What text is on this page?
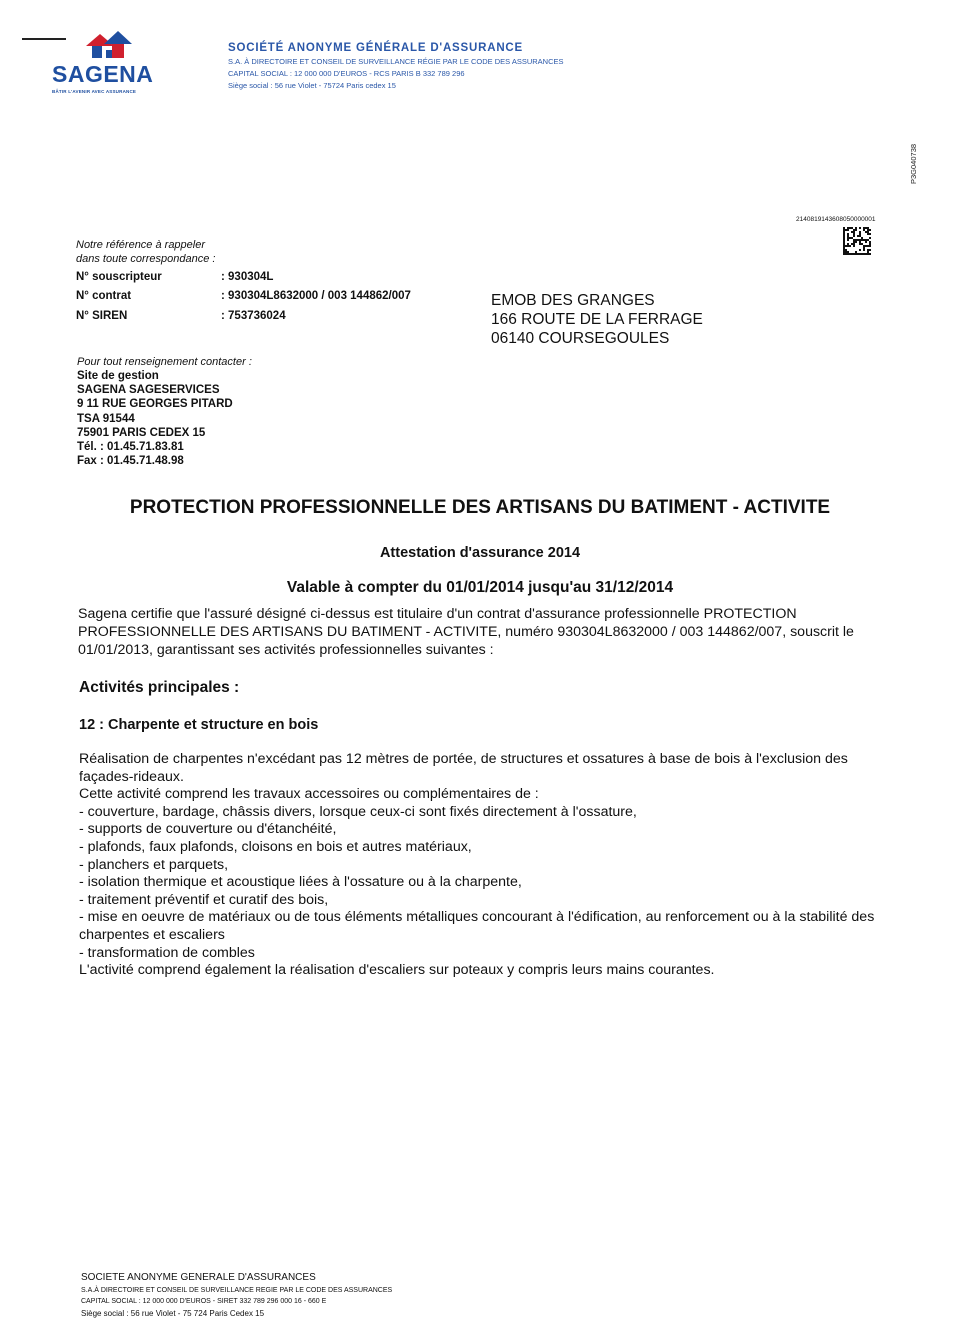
SAGENA
BÂTIR L'AVENIR AVEC ASSURANCE
SOCIÉTÉ ANONYME GÉNÉRALE D'ASSURANCE
S.A. À DIRECTOIRE ET CONSEIL DE SURVEILLANCE RÉGIE PAR LE CODE DES ASSURANCES
CAPITAL SOCIAL : 12 000 000 D'EUROS - RCS PARIS B 332 789 296
Siège social : 56 rue Violet - 75724 Paris cedex 15
P3G040738
2140819143608050000001
Notre référence à rappeler
dans toute correspondance :
N° souscripteur	: 930304L
N° contrat	: 930304L8632000 / 003 144862/007
N° SIREN	: 753736024
EMOB DES GRANGES
166 ROUTE DE LA FERRAGE
06140 COURSEGOULES
Pour tout renseignement contacter :
Site de gestion
SAGENA SAGESERVICES
9 11 RUE GEORGES PITARD
TSA 91544
75901 PARIS CEDEX 15
Tél. : 01.45.71.83.81
Fax : 01.45.71.48.98
PROTECTION PROFESSIONNELLE DES ARTISANS DU BATIMENT - ACTIVITE
Attestation d'assurance 2014
Valable à compter du 01/01/2014 jusqu'au 31/12/2014
Sagena certifie que l'assuré désigné ci-dessus est titulaire d'un contrat d'assurance professionnelle PROTECTION PROFESSIONNELLE DES ARTISANS DU BATIMENT - ACTIVITE, numéro 930304L8632000 / 003 144862/007, souscrit le 01/01/2013, garantissant ses activités professionnelles suivantes :
Activités principales :
12 : Charpente et structure en bois
Réalisation de charpentes n'excédant pas 12 mètres de portée, de structures et ossatures à base de bois à l'exclusion des façades-rideaux.
Cette activité comprend les travaux accessoires ou complémentaires de :
- couverture, bardage, châssis divers, lorsque ceux-ci sont fixés directement à l'ossature,
- supports de couverture ou d'étanchéité,
- plafonds, faux plafonds, cloisons en bois et autres matériaux,
- planchers et parquets,
- isolation thermique et acoustique liées à l'ossature ou à la charpente,
- traitement préventif et curatif des bois,
- mise en oeuvre de matériaux ou de tous éléments métalliques concourant à l'édification, au renforcement ou à la stabilité des charpentes et escaliers
- transformation de combles
L'activité comprend également la réalisation d'escaliers sur poteaux y compris leurs mains courantes.
SOCIETE ANONYME GENERALE D'ASSURANCES
S.A.À DIRECTOIRE ET CONSEIL DE SURVEILLANCE REGIE PAR LE CODE DES ASSURANCES
CAPITAL SOCIAL : 12 000 000 D'EUROS - SIRET 332 789 296 000 16 - 660 E
Siège social : 56 rue Violet - 75 724 Paris Cedex 15
